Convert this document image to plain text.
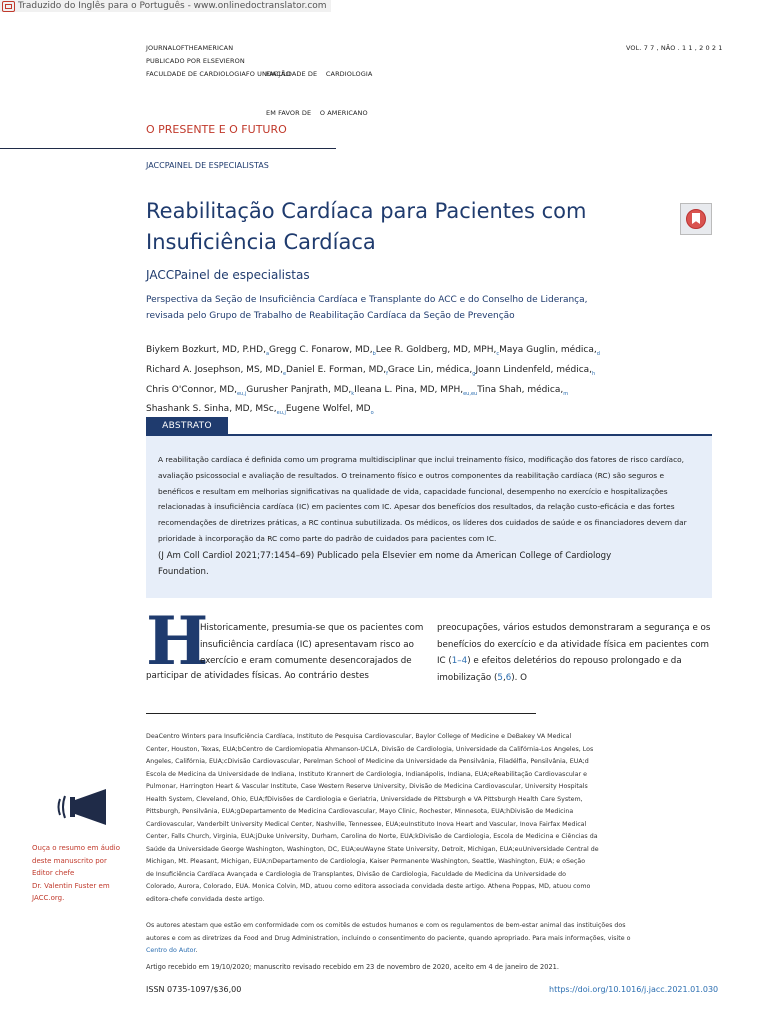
Traduzido do Inglês para o Português - www.onlinedoctranslator.com
JOURNALOFTHEAMERICAN
PUBLICADO POR ELSEVIERON
FACULDADE DE CARDIOLOGIAFO UNDAÇÃO

FACULDADE DE    CARDIOLOGIA

EM FAVOR DE    O AMERICANO

VOL. 7 7 , NÃO . 1 1 , 2 0 2 1
O PRESENTE E O FUTURO
JACCPAINEL DE ESPECIALISTAS
Reabilitação Cardíaca para Pacientes com
Insuficiência Cardíaca
JACCPainel de especialistas
Perspectiva da Seção de Insuficiência Cardíaca e Transplante do ACC e do Conselho de Liderança,
revisada pelo Grupo de Trabalho de Reabilitação Cardíaca da Seção de Prevenção
Biykem Bozkurt, MD, $P.HD,_aGregg$ C. Fonarow, $MD,_bLee$ R. Goldberg, MD, $MPH,_cMaya$ Guglin, $médica,_d$
Richard A. Josephson, MS, $MD,_eDaniel$ E. Forman, $MD,_fGrace$ Lin, $médica,_gJoann$ Lindenfeld, $médica,_h$
Chris O'Connor, $MD,_{eu,j}Gurusher$ Panjrath, $MD,_kIleana$ L. Pina, MD, $MPH,_{eu,eu}Tina$ Shah, $médica,_m$
Shashank S. Sinha, MD, $MSc,_{eu,j}Eugene$ Wolfel, $MD_o$
ABSTRATO
A reabilitação cardíaca é definida como um programa multidisciplinar que inclui treinamento físico, modificação dos fatores de risco cardíaco,
avaliação psicossocial e avaliação de resultados. O treinamento físico e outros componentes da reabilitação cardíaca (RC) são seguros e
benéficos e resultam em melhorias significativas na qualidade de vida, capacidade funcional, desempenho no exercício e hospitalizações
relacionadas à insuficiência cardíaca (IC) em pacientes com IC. Apesar dos benefícios dos resultados, da relação custo-eficácia e das fortes
recomendações de diretrizes práticas, a RC continua subutilizada. Os médicos, os líderes dos cuidados de saúde e os financiadores devem dar
prioridade à incorporação da RC como parte do padrão de cuidados para pacientes com IC.
(J Am Coll Cardiol 2021;77:1454–69) Publicado pela Elsevier em nome da American College of Cardiology
Foundation.
H
Historicamente, presumia-se que os pacientes com
insuficiência cardíaca (IC) apresentavam risco ao
exercício e eram comumente desencorajados de
participar de atividades físicas. Ao contrário destes
preocupações, vários estudos demonstraram a segurança e os
benefícios do exercício e da atividade física em pacientes com
IC (1–4) e efeitos deletérios do repouso prolongado e da
imobilização (5,6). O
DeaCentro Winters para Insuficiência Cardíaca, Instituto de Pesquisa Cardiovascular, Baylor College of Medicine e DeBakey VA Medical
Center, Houston, Texas, EUA;bCentro de Cardiomiopatia Ahmanson-UCLA, Divisão de Cardiologia, Universidade da Califórnia-Los Angeles, Los
Angeles, Califórnia, EUA;cDivisão Cardiovascular, Perelman School of Medicine da Universidade da Pensilvânia, Filadélfia, Pensilvânia, EUA;d
Escola de Medicina da Universidade de Indiana, Instituto Krannert de Cardiologia, Indianápolis, Indiana, EUA;eReabilitação Cardiovascular e
Pulmonar, Harrington Heart & Vascular Institute, Case Western Reserve University, Divisão de Medicina Cardiovascular, University Hospitals
Health System, Cleveland, Ohio, EUA;fDivisões de Cardiologia e Geriatria, Universidade de Pittsburgh e VA Pittsburgh Health Care System,
Pittsburgh, Pensilvânia, EUA;gDepartamento de Medicina Cardiovascular, Mayo Clinic, Rochester, Minnesota, EUA;hDivisão de Medicina
Cardiovascular, Vanderbilt University Medical Center, Nashville, Tennessee, EUA;euInstituto Inova Heart and Vascular, Inova Fairfax Medical
Center, Falls Church, Virginia, EUA;jDuke University, Durham, Carolina do Norte, EUA;kDivisão de Cardiologia, Escola de Medicina e Ciências da
Saúde da Universidade George Washington, Washington, DC, EUA;euWayne State University, Detroit, Michigan, EUA;euUniversidade Central de
Michigan, Mt. Pleasant, Michigan, EUA;nDepartamento de Cardiologia, Kaiser Permanente Washington, Seattle, Washington, EUA; e oSeção
de Insuficiência Cardíaca Avançada e Cardiologia de Transplantes, Divisão de Cardiologia, Faculdade de Medicina da Universidade do
Colorado, Aurora, Colorado, EUA. Monica Colvin, MD, atuou como editora associada convidada deste artigo. Athena Poppas, MD, atuou como
editora-chefe convidada deste artigo.
Os autores atestam que estão em conformidade com os comitês de estudos humanos e com os regulamentos de bem-estar animal das instituições dos
autores e com as diretrizes da Food and Drug Administration, incluindo o consentimento do paciente, quando apropriado. Para mais informações, visite o
Centro do Autor.
Artigo recebido em 19/10/2020; manuscrito revisado recebido em 23 de novembro de 2020, aceito em 4 de janeiro de 2021.
ISSN 0735-1097/$36,00	https://doi.org/10.1016/j.jacc.2021.01.030
Ouça o resumo em áudio
deste manuscrito por
Editor chefe
Dr. Valentin Fuster em
JACC.org.
